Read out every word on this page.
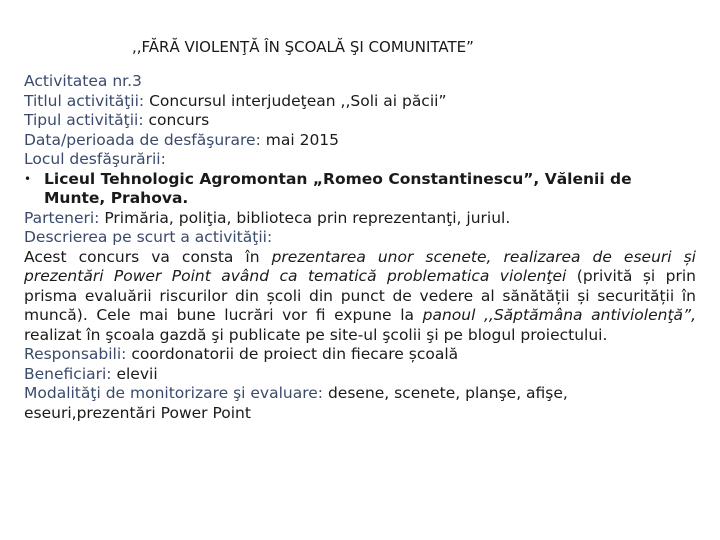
,,FĂRĂ VIOLENŢĂ ÎN ŞCOALĂ ŞI COMUNITATE”

Activitatea nr.3

Titlul activităţii: Concursul interjudeţean ,,Soli ai păcii”

Tipul activităţii: concurs

Data/perioada de desfăşurare: mai 2015

Locul desfăşurării:

• Liceul Tehnologic Agromontan „Romeo Constantinescu”, Vălenii de Munte, Prahova.

Parteneri: Primăria, poliţia, biblioteca prin reprezentanţi, juriul.

Descrierea pe scurt a activităţii:

Acest concurs va consta în prezentarea unor scenete, realizarea de eseuri și prezentări Power Point având ca tematică problematica violenţei (privită și prin prisma evaluării riscurilor din școli din punct de vedere al sănătății și securității în muncă). Cele mai bune lucrări vor fi expune la panoul ,,Săptămâna antiviolenţă”, realizat în şcoala gazdă şi publicate pe site-ul şcolii şi pe blogul proiectului.

Responsabili: coordonatorii de proiect din fiecare școală

Beneficiari: elevii

Modalităţi de monitorizare şi evaluare: desene, scenete, planşe, afişe, eseuri,prezentări Power Point
